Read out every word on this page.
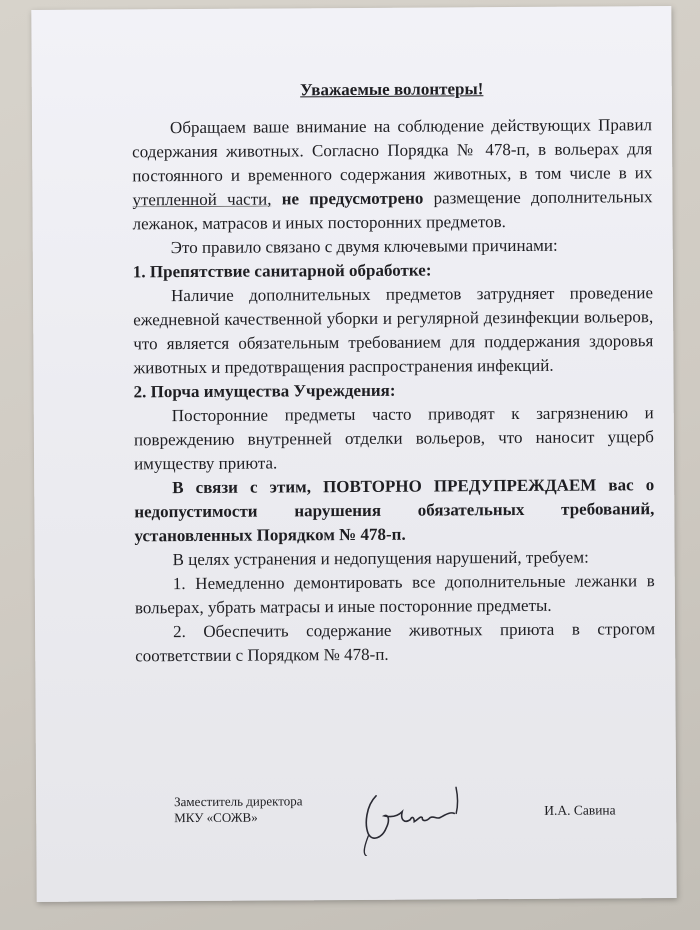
Уважаемые волонтеры!

Обращаем ваше внимание на соблюдение действующих Правил содержания животных. Согласно Порядка № 478-п, в вольерах для постоянного и временного содержания животных, в том числе в их утепленной части, не предусмотрено размещение дополнительных лежанок, матрасов и иных посторонних предметов.

Это правило связано с двумя ключевыми причинами:

1. Препятствие санитарной обработке:

Наличие дополнительных предметов затрудняет проведение ежедневной качественной уборки и регулярной дезинфекции вольеров, что является обязательным требованием для поддержания здоровья животных и предотвращения распространения инфекций.

2. Порча имущества Учреждения:

Посторонние предметы часто приводят к загрязнению и повреждению внутренней отделки вольеров, что наносит ущерб имуществу приюта.

В связи с этим, ПОВТОРНО ПРЕДУПРЕЖДАЕМ вас о недопустимости нарушения обязательных требований, установленных Порядком № 478-п.

В целях устранения и недопущения нарушений, требуем:

1. Немедленно демонтировать все дополнительные лежанки в вольерах, убрать матрасы и иные посторонние предметы.

2. Обеспечить содержание животных приюта в строгом соответствии с Порядком № 478-п.

Заместитель директора
МКУ «СОЖВ»	И.А. Савина
